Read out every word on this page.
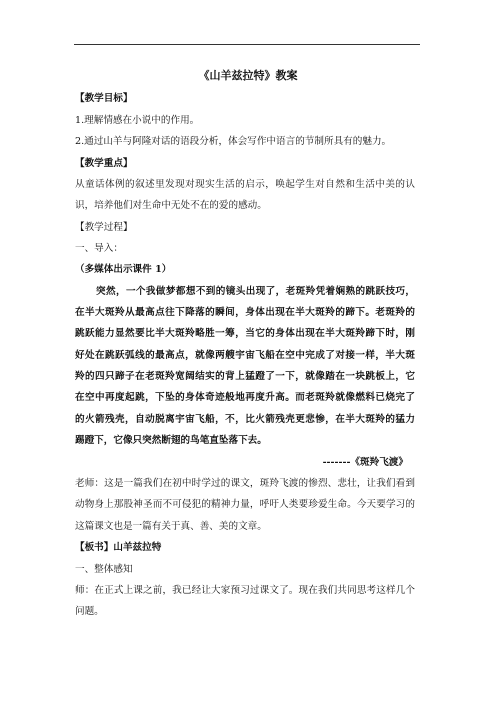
《山羊兹拉特》教案
【教学目标】
1.理解情感在小说中的作用。
2.通过山羊与阿隆对话的语段分析，体会写作中语言的节制所具有的魅力。
【教学重点】
从童话体例的叙述里发现对现实生活的启示，唤起学生对自然和生活中美的认
识，培养他们对生命中无处不在的爱的感动。
【教学过程】
一、导入：
（多媒体出示课件 1）
突然，一个我做梦都想不到的镜头出现了，老斑羚凭着娴熟的跳跃技巧，
在半大斑羚从最高点往下降落的瞬间，身体出现在半大斑羚的蹄下。老斑羚的
跳跃能力显然要比半大斑羚略胜一筹，当它的身体出现在半大斑羚蹄下时，刚
好处在跳跃弧线的最高点，就像两艘宇宙飞船在空中完成了对接一样，半大斑
羚的四只蹄子在老斑羚宽阔结实的背上猛蹬了一下，就像踏在一块跳板上，它
在空中再度起跳，下坠的身体奇迹般地再度升高。而老斑羚就像燃料已烧完了
的火箭残壳，自动脱离宇宙飞船，不，比火箭残壳更悲惨，在半大斑羚的猛力
踢蹬下，它像只突然断翅的鸟笔直坠落下去。
-------《斑羚飞渡》
老师：这是一篇我们在初中时学过的课文，斑羚飞渡的惨烈、悲壮，让我们看到
动物身上那股神圣而不可侵犯的精神力量，呼吁人类要珍爱生命。今天要学习的
这篇课文也是一篇有关于真、善、美的文章。
【板书】山羊兹拉特
一、整体感知
师：在正式上课之前，我已经让大家预习过课文了。现在我们共同思考这样几个
问题。
